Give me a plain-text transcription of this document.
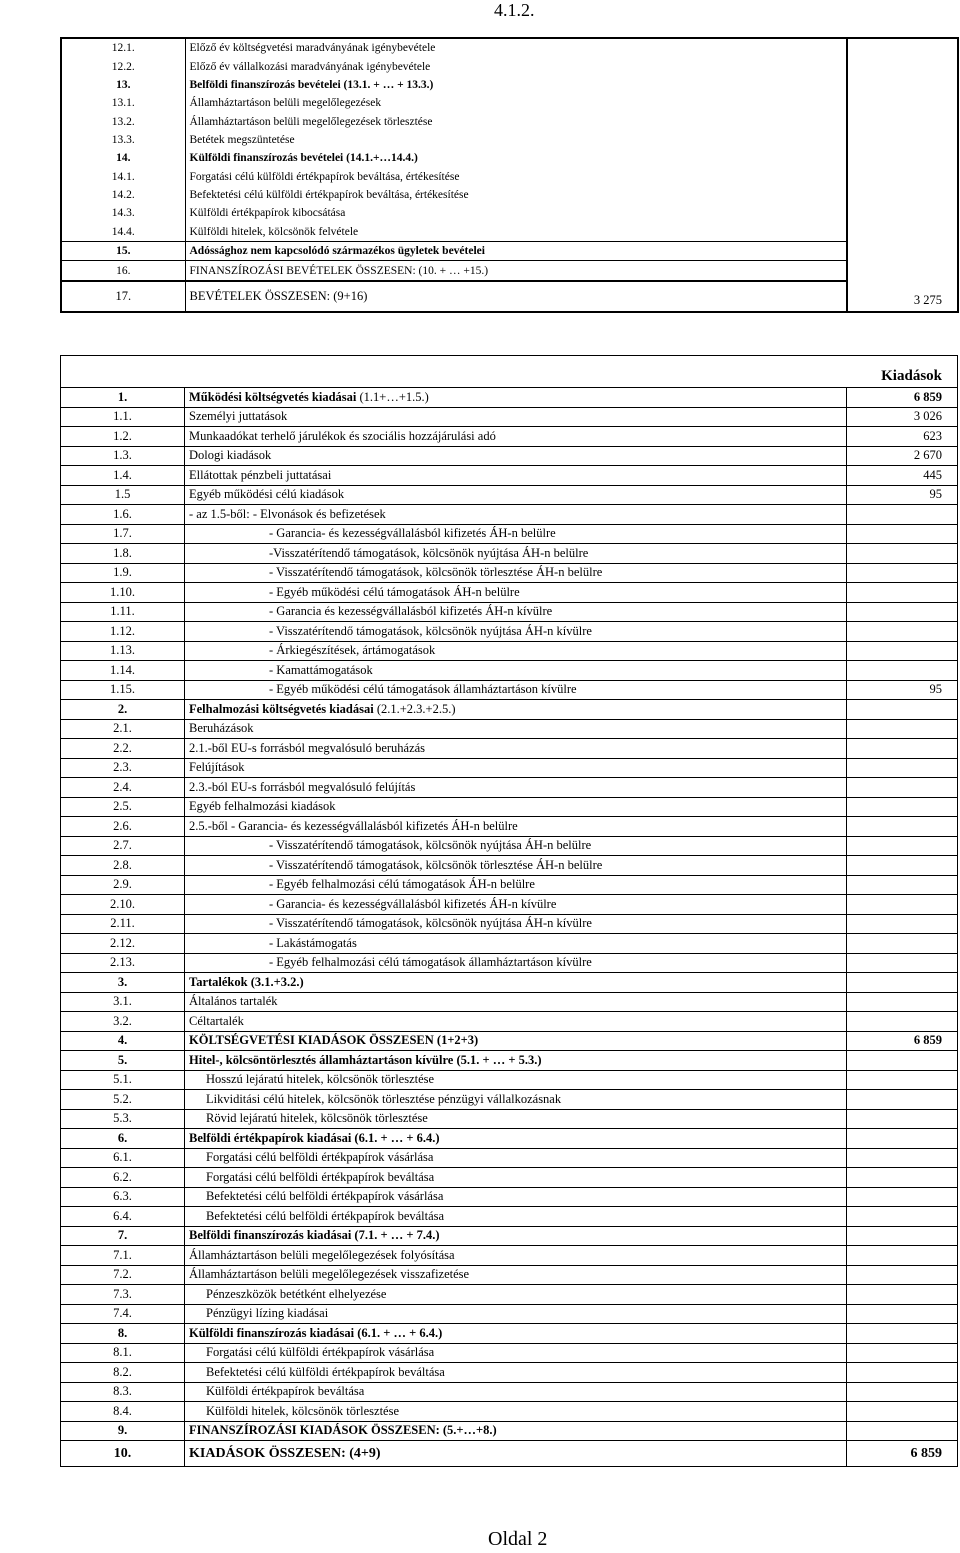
4.1.2.
12.1.	Előző év költségvetési maradványának igénybevétele	
12.2.	Előző év vállalkozási maradványának igénybevétele	
13.	Belföldi finanszírozás bevételei (13.1. + … + 13.3.)	
13.1.	Államháztartáson belüli megelőlegezések	
13.2.	Államháztartáson belüli megelőlegezések törlesztése	
13.3.	Betétek megszüntetése	
14.	Külföldi finanszírozás bevételei (14.1.+…14.4.)	
14.1.	Forgatási célú külföldi értékpapírok beváltása, értékesítése	
14.2.	Befektetési célú külföldi értékpapírok beváltása, értékesítése	
14.3.	Külföldi értékpapírok kibocsátása	
14.4.	Külföldi hitelek, kölcsönök felvétele	
15.	Adóssághoz nem kapcsolódó származékos ügyletek bevételei	
16.	FINANSZÍROZÁSI BEVÉTELEK ÖSSZESEN: (10. + … +15.)	
17.	BEVÉTELEK ÖSSZESEN: (9+16)	3 275
Kiadások		
1.	Működési költségvetés kiadásai (1.1+…+1.5.)	6 859
1.1.	Személyi juttatások	3 026
1.2.	Munkaadókat terhelő járulékok és szociális hozzájárulási adó	623
1.3.	Dologi kiadások	2 670
1.4.	Ellátottak pénzbeli juttatásai	445
1.5	Egyéb működési célú kiadások	95
1.6.	- az 1.5-ből: - Elvonások és befizetések	
1.7.	- Garancia- és kezességvállalásból kifizetés ÁH-n belülre	
1.8.	-Visszatérítendő támogatások, kölcsönök nyújtása ÁH-n belülre	
1.9.	- Visszatérítendő támogatások, kölcsönök törlesztése ÁH-n belülre	
1.10.	- Egyéb működési célú támogatások ÁH-n belülre	
1.11.	- Garancia és kezességvállalásból kifizetés ÁH-n kívülre	
1.12.	- Visszatérítendő támogatások, kölcsönök nyújtása ÁH-n kívülre	
1.13.	- Árkiegészítések, ártámogatások	
1.14.	- Kamattámogatások	
1.15.	- Egyéb működési célú támogatások államháztartáson kívülre	95
2.	Felhalmozási költségvetés kiadásai (2.1.+2.3.+2.5.)	
2.1.	Beruházások	
2.2.	2.1.-ből EU-s forrásból megvalósuló beruházás	
2.3.	Felújítások	
2.4.	2.3.-ból EU-s forrásból megvalósuló felújítás	
2.5.	Egyéb felhalmozási kiadások	
2.6.	2.5.-ből - Garancia- és kezességvállalásból kifizetés ÁH-n belülre	
2.7.	- Visszatérítendő támogatások, kölcsönök nyújtása ÁH-n belülre	
2.8.	- Visszatérítendő támogatások, kölcsönök törlesztése ÁH-n belülre	
2.9.	- Egyéb felhalmozási célú támogatások ÁH-n belülre	
2.10.	- Garancia- és kezességvállalásból kifizetés ÁH-n kívülre	
2.11.	- Visszatérítendő támogatások, kölcsönök nyújtása ÁH-n kívülre	
2.12.	- Lakástámogatás	
2.13.	- Egyéb felhalmozási célú támogatások államháztartáson kívülre	
3.	Tartalékok (3.1.+3.2.)	
3.1.	Általános tartalék	
3.2.	Céltartalék	
4.	KÖLTSÉGVETÉSI KIADÁSOK ÖSSZESEN (1+2+3)	6 859
5.	Hitel-, kölcsöntörlesztés államháztartáson kívülre (5.1. + … + 5.3.)	
5.1.	Hosszú lejáratú hitelek, kölcsönök törlesztése	
5.2.	Likviditási célú hitelek, kölcsönök törlesztése pénzügyi vállalkozásnak	
5.3.	Rövid lejáratú hitelek, kölcsönök törlesztése	
6.	Belföldi értékpapírok kiadásai (6.1. + … + 6.4.)	
6.1.	Forgatási célú belföldi értékpapírok vásárlása	
6.2.	Forgatási célú belföldi értékpapírok beváltása	
6.3.	Befektetési célú belföldi értékpapírok vásárlása	
6.4.	Befektetési célú belföldi értékpapírok beváltása	
7.	Belföldi finanszírozás kiadásai (7.1. + … + 7.4.)	
7.1.	Államháztartáson belüli megelőlegezések folyósítása	
7.2.	Államháztartáson belüli megelőlegezések visszafizetése	
7.3.	Pénzeszközök betétként elhelyezése	
7.4.	Pénzügyi lízing kiadásai	
8.	Külföldi finanszírozás kiadásai (6.1. + … + 6.4.)	
8.1.	Forgatási célú külföldi értékpapírok vásárlása	
8.2.	Befektetési célú külföldi értékpapírok beváltása	
8.3.	Külföldi értékpapírok beváltása	
8.4.	Külföldi hitelek, kölcsönök törlesztése	
9.	FINANSZÍROZÁSI KIADÁSOK ÖSSZESEN: (5.+…+8.)	
10.	KIADÁSOK ÖSSZESEN: (4+9)	6 859
Oldal 2
